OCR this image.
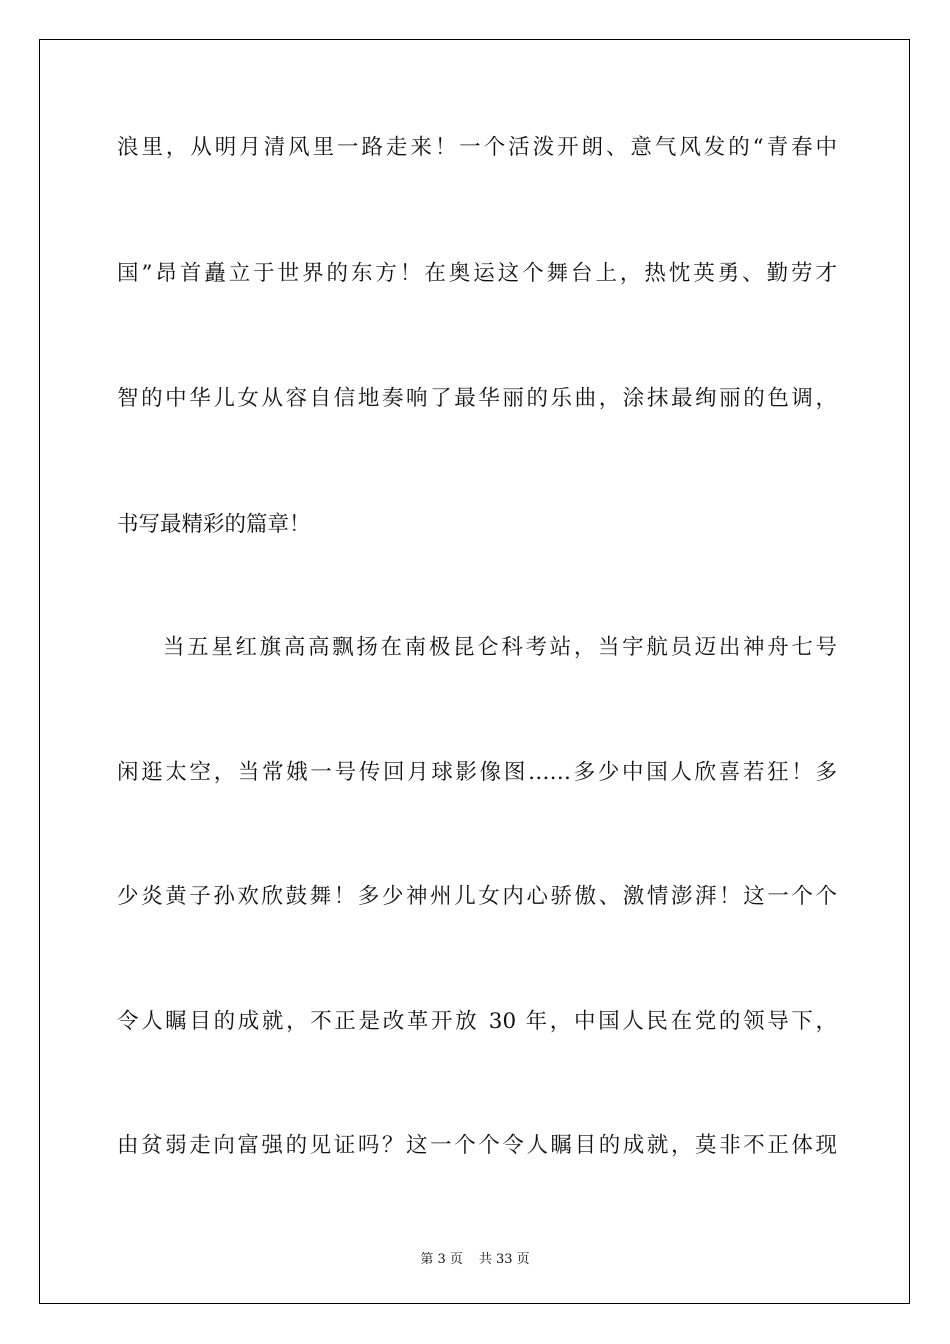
浪里，从明月清风里一路走来！一个活泼开朗、意气风发的“青春中
国”昂首矗立于世界的东方！在奥运这个舞台上，热忱英勇、勤劳才
智的中华儿女从容自信地奏响了最华丽的乐曲，涂抹最绚丽的色调，
书写最精彩的篇章！
当五星红旗高高飘扬在南极昆仑科考站，当宇航员迈出神舟七号
闲逛太空，当常娥一号传回月球影像图……多少中国人欣喜若狂！多
少炎黄子孙欢欣鼓舞！多少神州儿女内心骄傲、激情澎湃！这一个个
令人瞩目的成就，不正是改革开放 30 年，中国人民在党的领导下，
由贫弱走向富强的见证吗？这一个个令人瞩目的成就，莫非不正体现
第 3 页 共 33 页
